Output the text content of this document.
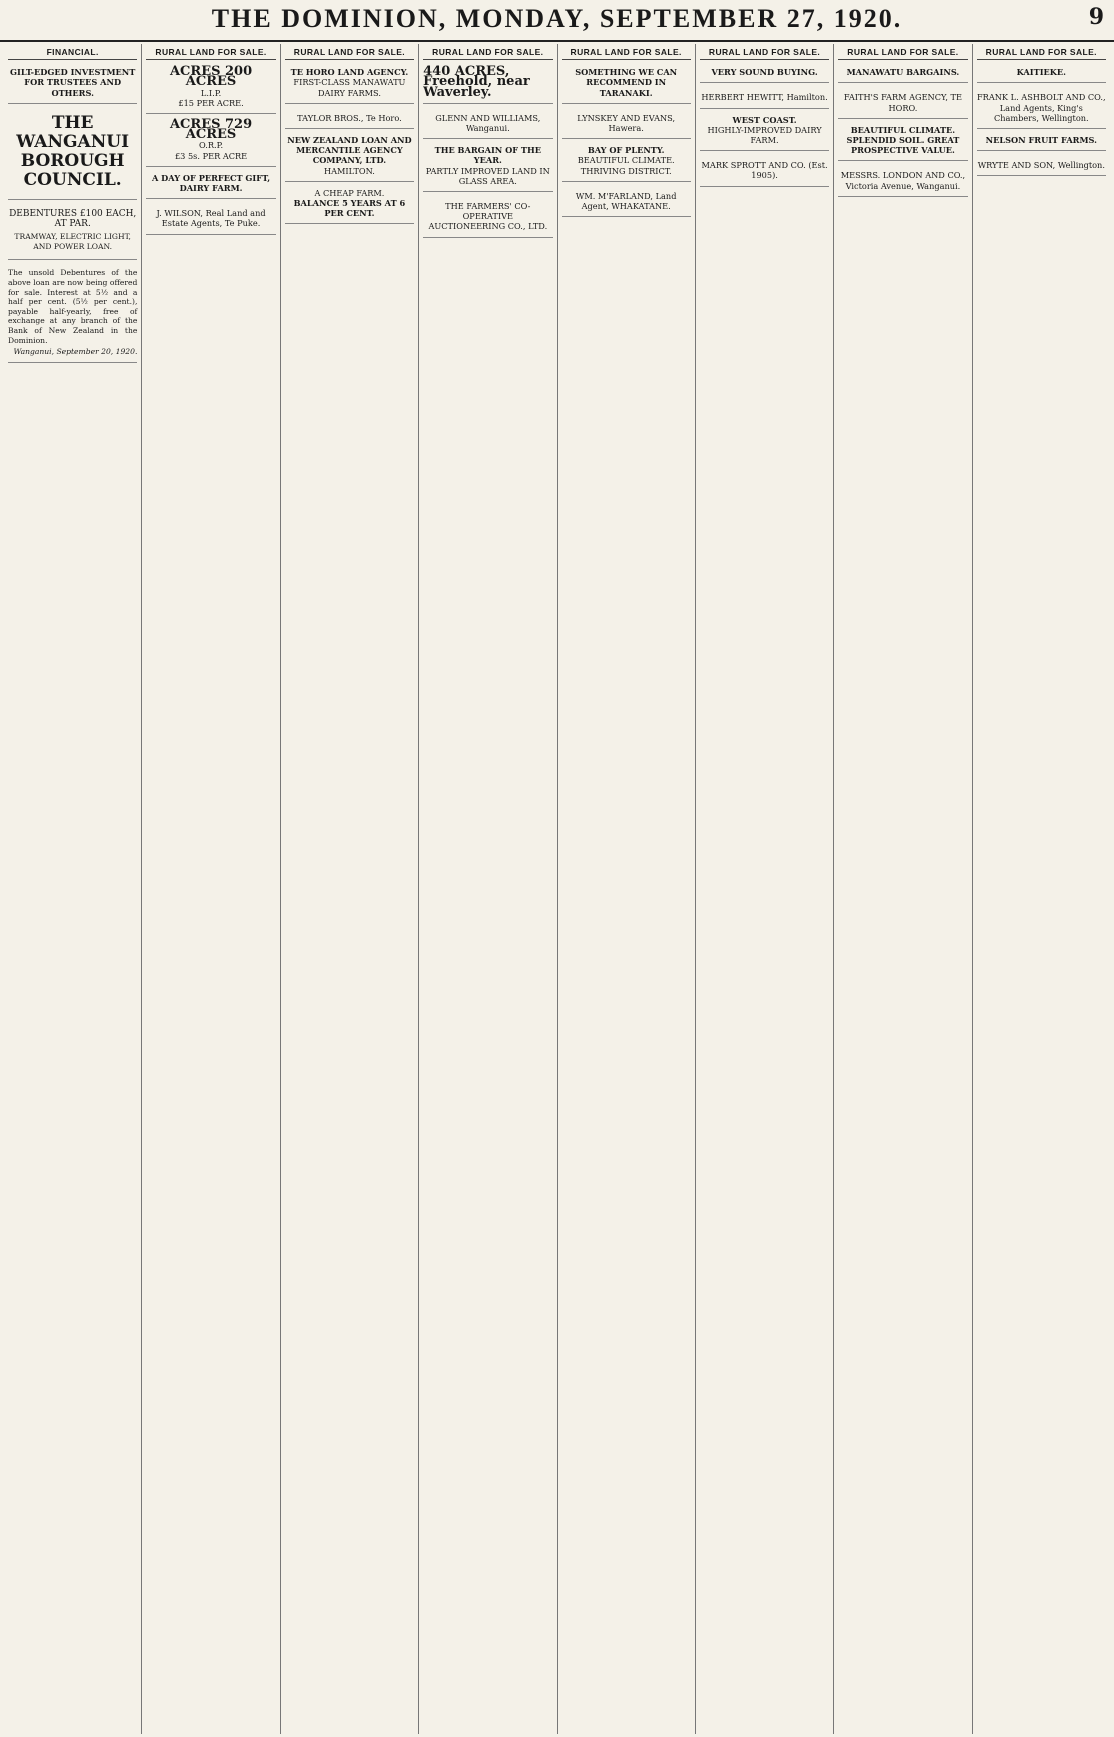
THE DOMINION, MONDAY, SEPTEMBER 27, 1920.	9
FINANCIAL.
GILT-EDGED INVESTMENT FOR TRUSTEES AND OTHERS.
THE WANGANUI BOROUGH COUNCIL.
DEBENTURES £100 EACH, AT PAR.
TRAMWAY, ELECTRIC LIGHT, AND POWER LOAN.

The unsold Debentures of the above loan are now being offered for sale. Interest at 5½ and a half per cent. (5½ per cent.), payable half-yearly, free of exchange at any branch of the Bank of New Zealand in the Dominion.

Wanganui, September 20, 1920.
RURAL LAND FOR SALE.
ACRES 200 ACRES
L.I.P.
£15 PER ACRE.
ACRES 729 ACRES
O.R.P.
£3 5s. PER ACRE
A DAY OF PERFECT GIFT, DAIRY FARM.
J. WILSON, Real Land and Estate Agents, Te Puke.
RURAL LAND FOR SALE.
TE HORO LAND AGENCY.
FIRST-CLASS MANAWATU DAIRY FARMS.
TAYLOR BROS., Te Horo.
NEW ZEALAND LOAN AND MERCANTILE AGENCY COMPANY, LTD.
HAMILTON.
A CHEAP FARM.
BALANCE 5 YEARS AT 6 PER CENT.
RURAL LAND FOR SALE.
440 ACRES, Freehold, near Waverley.
GLENN AND WILLIAMS, Wanganui.
THE BARGAIN OF THE YEAR.
PARTLY IMPROVED LAND IN GLASS AREA.
THE FARMERS' CO-OPERATIVE AUCTIONEERING CO., LTD.
RURAL LAND FOR SALE.
SOMETHING WE CAN RECOMMEND IN TARANAKI.
LYNSKEY AND EVANS, Hawera.
BAY OF PLENTY.
BEAUTIFUL CLIMATE. THRIVING DISTRICT.
WM. M'FARLAND, Land Agent, WHAKATANE.
RURAL LAND FOR SALE.
VERY SOUND BUYING.
HERBERT HEWITT, Hamilton.
WEST COAST.
HIGHLY-IMPROVED DAIRY FARM.
MARK SPROTT AND CO. (Est. 1905).
RURAL LAND FOR SALE.
MANAWATU BARGAINS.
FAITH'S FARM AGENCY, TE HORO.
BEAUTIFUL CLIMATE. SPLENDID SOIL. GREAT PROSPECTIVE VALUE.
MESSRS. LONDON AND CO., Victoria Avenue, Wanganui.
RURAL LAND FOR SALE.
KAITIEKE.
FRANK L. ASHBOLT AND CO., Land Agents, King's Chambers, Wellington.
NELSON FRUIT FARMS.
WRYTE AND SON, Wellington.
